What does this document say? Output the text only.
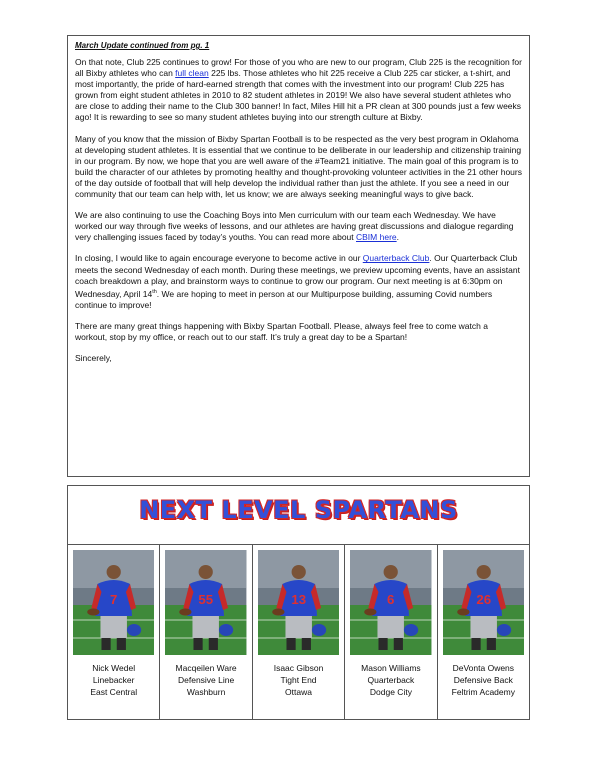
March Update continued from pg. 1

On that note, Club 225 continues to grow! For those of you who are new to our program, Club 225 is the recognition for all Bixby athletes who can full clean 225 lbs. Those athletes who hit 225 receive a Club 225 car sticker, a t-shirt, and most importantly, the pride of hard-earned strength that comes with the investment into our program! Club 225 has grown from eight student athletes in 2010 to 82 student athletes in 2019! We also have several student athletes who are close to adding their name to the Club 300 banner! In fact, Miles Hill hit a PR clean at 300 pounds just a few weeks ago! It is rewarding to see so many student athletes buying into our strength culture at Bixby.

Many of you know that the mission of Bixby Spartan Football is to be respected as the very best program in Oklahoma at developing student athletes. It is essential that we continue to be deliberate in our leadership and citizenship training in our program. By now, we hope that you are well aware of the #Team21 initiative. The main goal of this program is to build the character of our athletes by promoting healthy and thought-provoking volunteer activities in the 21 other hours of the day outside of football that will help develop the individual rather than just the athlete. If you see a need in our community that our team can help with, let us know; we are always seeking meaningful ways to give back.

We are also continuing to use the Coaching Boys into Men curriculum with our team each Wednesday. We have worked our way through five weeks of lessons, and our athletes are having great discussions and dialogue regarding very challenging issues faced by today’s youths. You can read more about CBIM here.

In closing, I would like to again encourage everyone to become active in our Quarterback Club. Our Quarterback Club meets the second Wednesday of each month. During these meetings, we preview upcoming events, have an assistant coach breakdown a play, and brainstorm ways to continue to grow our program. Our next meeting is at 6:30pm on Wednesday, April 14th. We are hoping to meet in person at our Multipurpose building, assuming Covid numbers continue to improve!

There are many great things happening with Bixby Spartan Football. Please, always feel free to come watch a workout, stop by my office, or reach out to our staff. It’s truly a great day to be a Spartan!

Sincerely,

NEXT LEVEL SPARTANS
7
Nick Wedel
Linebacker
East Central
55
Macqeilen Ware
Defensive Line
Washburn
13
Isaac Gibson
Tight End
Ottawa
6
Mason Williams
Quarterback
Dodge City
26
DeVonta Owens
Defensive Back
Feltrim Academy
